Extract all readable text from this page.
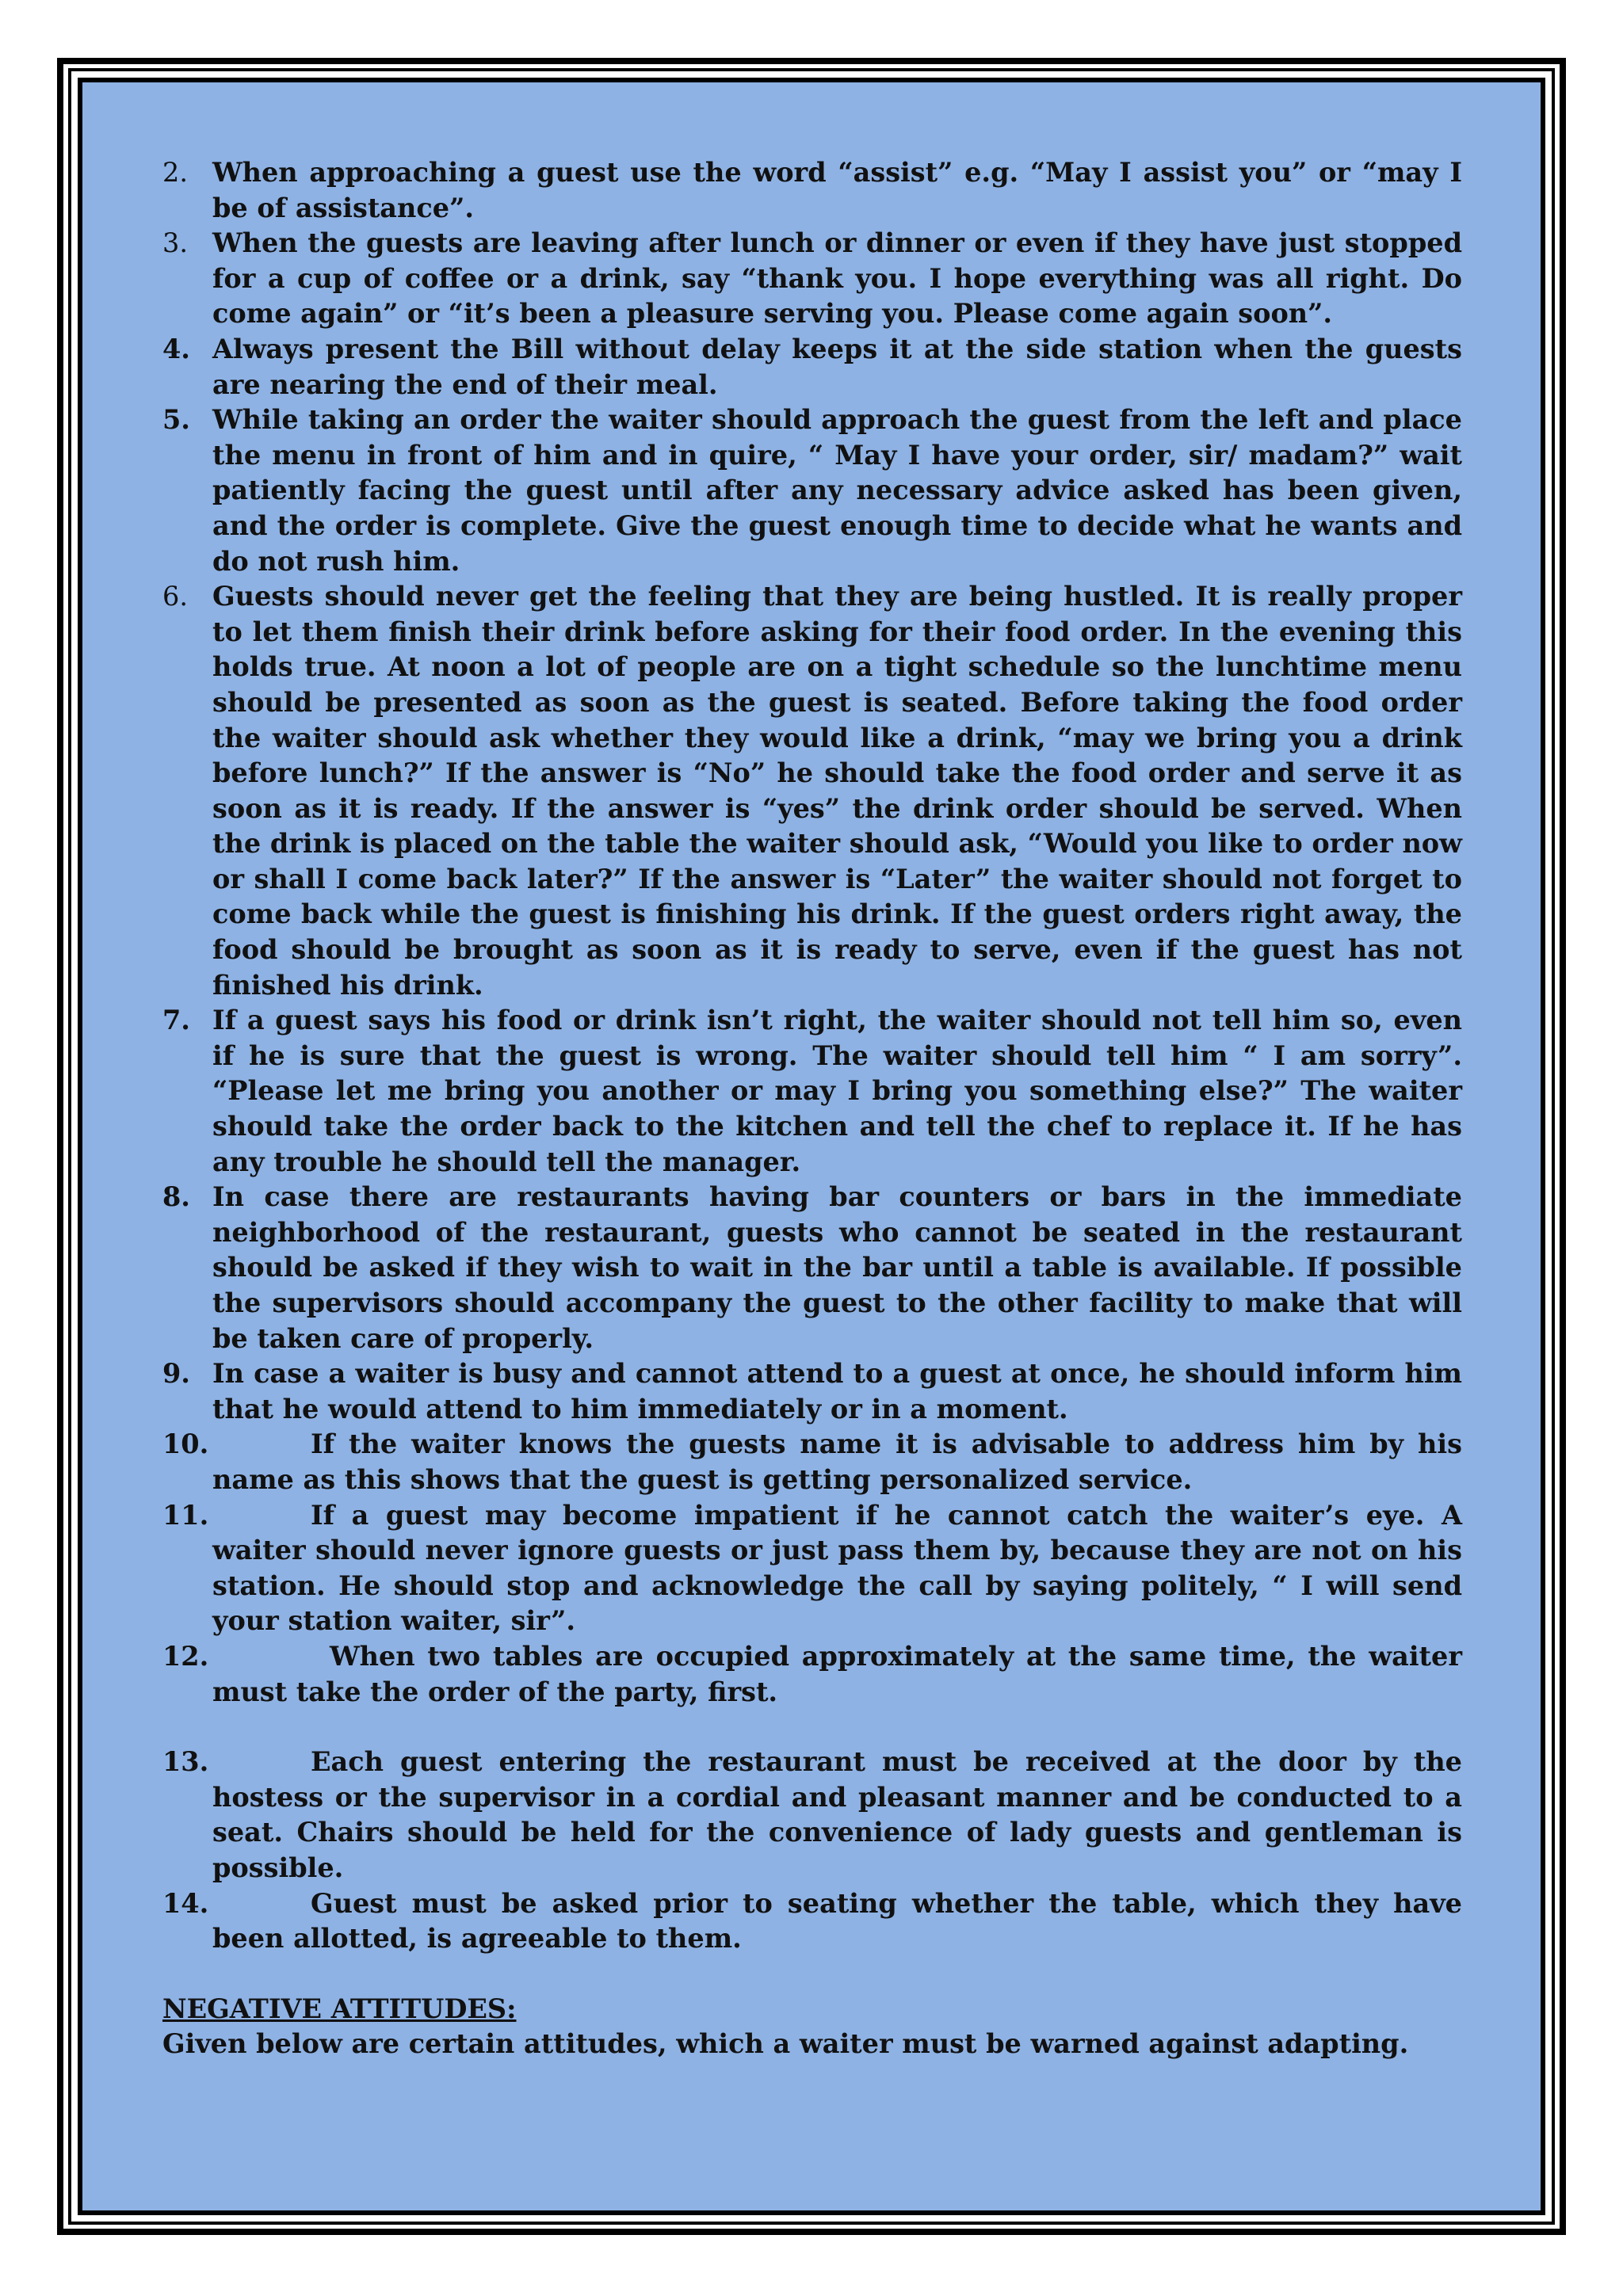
2. When approaching a guest use the word “assist” e.g. “May I assist you” or “may I be of assistance”.
3. When the guests are leaving after lunch or dinner or even if they have just stopped for a cup of coffee or a drink, say “thank you. I hope everything was all right. Do come again” or “it’s been a pleasure serving you. Please come again soon”.
4. Always present the Bill without delay keeps it at the side station when the guests are nearing the end of their meal.
5. While taking an order the waiter should approach the guest from the left and place the menu in front of him and in quire, “ May I have your order, sir/ madam?” wait patiently facing the guest until after any necessary advice asked has been given, and the order is complete. Give the guest enough time to decide what he wants and do not rush him.
6. Guests should never get the feeling that they are being hustled. It is really proper to let them finish their drink before asking for their food order. In the evening this holds true. At noon a lot of people are on a tight schedule so the lunchtime menu should be presented as soon as the guest is seated. Before taking the food order the waiter should ask whether they would like a drink, “may we bring you a drink before lunch?” If the answer is “No” he should take the food order and serve it as soon as it is ready. If the answer is “yes” the drink order should be served. When the drink is placed on the table the waiter should ask, “Would you like to order now or shall I come back later?” If the answer is “Later” the waiter should not forget to come back while the guest is finishing his drink. If the guest orders right away, the food should be brought as soon as it is ready to serve, even if the guest has not finished his drink.
7. If a guest says his food or drink isn’t right, the waiter should not tell him so, even if he is sure that the guest is wrong. The waiter should tell him “ I am sorry”. “Please let me bring you another or may I bring you something else?” The waiter should take the order back to the kitchen and tell the chef to replace it. If he has any trouble he should tell the manager.
8. In case there are restaurants having bar counters or bars in the immediate neighborhood of the restaurant, guests who cannot be seated in the restaurant should be asked if they wish to wait in the bar until a table is available. If possible the supervisors should accompany the guest to the other facility to make that will be taken care of properly.
9. In case a waiter is busy and cannot attend to a guest at once, he should inform him that he would attend to him immediately or in a moment.
10.	If the waiter knows the guests name it is advisable to address him by his name as this shows that the guest is getting personalized service.
11.	If a guest may become impatient if he cannot catch the waiter’s eye. A waiter should never ignore guests or just pass them by, because they are not on his station. He should stop and acknowledge the call by saying politely, “ I will send your station waiter, sir”.
12.	When two tables are occupied approximately at the same time, the waiter must take the order of the party, first.
13.	Each guest entering the restaurant must be received at the door by the hostess or the supervisor in a cordial and pleasant manner and be conducted to a seat. Chairs should be held for the convenience of lady guests and gentleman is possible.
14.	Guest must be asked prior to seating whether the table, which they have been allotted, is agreeable to them.
NEGATIVE ATTITUDES:
Given below are certain attitudes, which a waiter must be warned against adapting.
